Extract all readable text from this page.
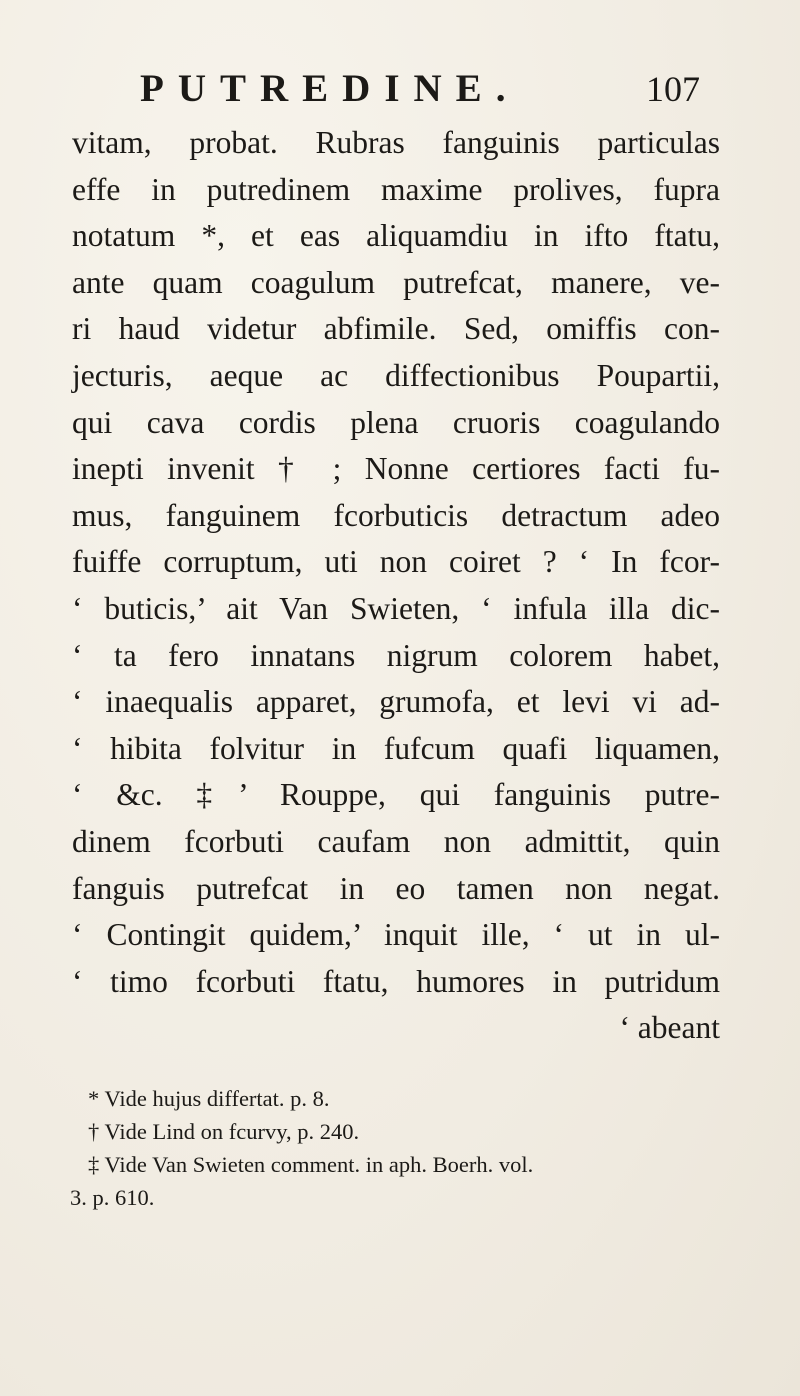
PUTREDINE.	107
vitam, probat. Rubras fanguinis particulas
effe in putredinem maxime prolives, fupra
notatum *, et eas aliquamdiu in ifto ftatu,
ante quam coagulum putrefcat, manere, ve-
ri haud videtur abfimile. Sed, omiffis con-
jecturis, aeque ac diffectionibus Poupartii,
qui cava cordis plena cruoris coagulando
inepti invenit † ; Nonne certiores facti fu-
mus, fanguinem fcorbuticis detractum adeo
fuiffe corruptum, uti non coiret ? ‘ In fcor-
‘ buticis,’ ait Van Swieten, ‘ infula illa dic-
‘ ta fero innatans nigrum colorem habet,
‘ inaequalis apparet, grumofa, et levi vi ad-
‘ hibita folvitur in fufcum quafi liquamen,
‘ &c. ‡’ Rouppe, qui fanguinis putre-
dinem fcorbuti caufam non admittit, quin
fanguis putrefcat in eo tamen non negat.
‘ Contingit quidem,’ inquit ille, ‘ ut in ul-
‘ timo fcorbuti ftatu, humores in putridum
‘ abeant
* Vide hujus differtat. p. 8.
† Vide Lind on fcurvy, p. 240.
‡ Vide Van Swieten comment. in aph. Boerh. vol.
3. p. 610.
